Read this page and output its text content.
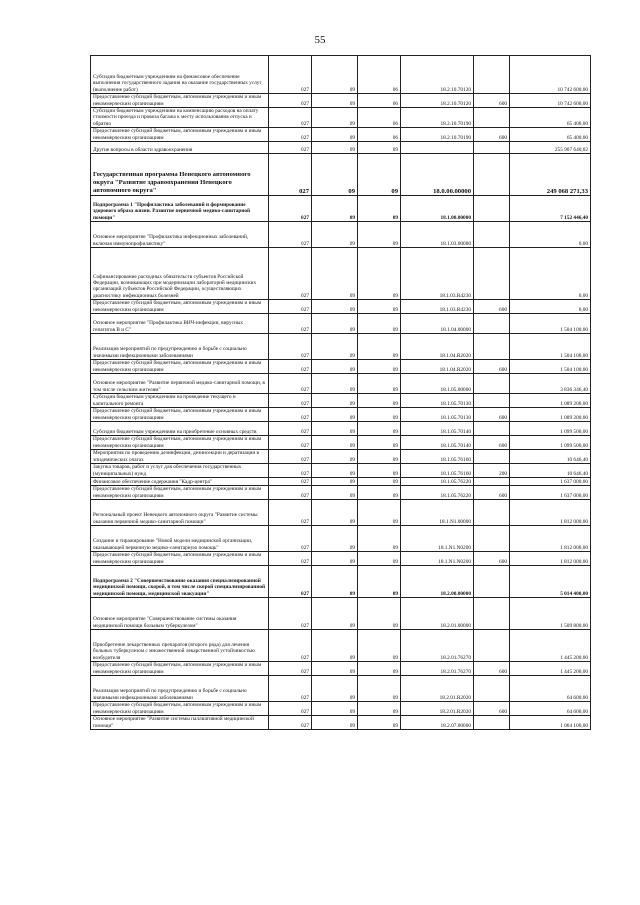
55
Субсидии бюджетным учреждениям на финансовое обеспечение выполнения государственного задания на оказание государственных услуг (выполнение работ)	027	09	06	18.2.10.70120		10 742 600,00
Предоставление субсидий бюджетным, автономным учреждениям и иным некоммерческим организациям	027	09	06	18.2.10.70120	600	10 742 600,00
Субсидии бюджетным учреждениям на компенсацию расходов на оплату стоимости проезда и провоза багажа к месту использования отпуска и обратно	027	09	06	18.2.10.70190		65 400,00
Предоставление субсидий бюджетным, автономным учреждениям и иным некоммерческим организациям	027	09	06	18.2.10.70190	600	65 400,00
Другие вопросы в области здравоохранения	027	09	09			255 907 640,02
Государственная программа Ненецкого автономного округа "Развитие здравоохранения Ненецкого автономного округа"	027	09	09	18.0.00.00000		249 068 271,33
Подпрограмма 1 "Профилактика заболеваний и формирование здорового образа жизни. Развитие первичной медико-санитарной помощи"	027	09	09	18.1.00.00000		7 152 446,40
Основное мероприятие "Профилактика инфекционных заболеваний, включая иммунопрофилактику"	027	09	09	18.1.03.00000		0,00
Софинансирование расходных обязательств субъектов Российской Федерации, возникающих при модернизации лабораторий медицинских организаций субъектов Российской Федерации, осуществляющих диагностику инфекционных болезней	027	09	09	18.1.03.R4230		0,00
Предоставление субсидий бюджетным, автономным учреждениям и иным некоммерческим организациям	027	09	09	18.1.03.R4230	600	0,00
Основное мероприятие "Профилактика ВИЧ-инфекции, вирусных гепатитов В и С"	027	09	09	18.1.04.00000		1 504 100,00
Реализация мероприятий по предупреждению и борьбе с социально значимыми инфекционными заболеваниями	027	09	09	18.1.04.R2020		1 504 100,00
Предоставление субсидий бюджетным, автономным учреждениям и иным некоммерческим организациям	027	09	09	18.1.04.R2020	600	1 504 100,00
Основное мероприятие "Развитие первичной медико-санитарной помощи, в том числе сельским жителям"	027	09	09	18.1.05.00000		3 836 346,40
Субсидии бюджетным учреждениям на проведение текущего и капитального ремонта	027	09	09	18.1.05.70130		1 089 200,00
Предоставление субсидий бюджетным, автономным учреждениям и иным некоммерческим организациям	027	09	09	18.1.05.70130	600	1 089 200,00
Субсидии бюджетным учреждениям на приобретение основных средств	027	09	09	18.1.05.70140		1 099 500,00
Предоставление субсидий бюджетным, автономным учреждениям и иным некоммерческим организациям	027	09	09	18.1.05.70140	600	1 099 500,00
Мероприятия по проведению дезинфекции, дезинсекции и дератизации в эпидемических очагах	027	09	09	18.1.05.76160		10 646,40
Закупка товаров, работ и услуг для обеспечения государственных (муниципальных) нужд	027	09	09	18.1.05.76160	200	10 646,40
Финансовое обеспечение содержания "Кадр-центра"	027	09	09	18.1.05.76220		1 637 000,00
Предоставление субсидий бюджетным, автономным учреждениям и иным некоммерческим организациям	027	09	09	18.1.05.76220	600	1 637 000,00
Региональный проект Ненецкого автономного округа "Развитие системы оказания первичной медико-санитарной помощи"	027	09	09	18.1.N1.00000		1 812 000,00
Создание и тиражирование "Новой модели медицинской организации, оказывающей первичную медико-санитарную помощь"	027	09	09	18.1.N1.N0200		1 812 000,00
Предоставление субсидий бюджетным, автономным учреждениям и иным некоммерческим организациям	027	09	09	18.1.N1.N0200	600	1 812 000,00
Подпрограмма 2 "Совершенствование оказания специализированной медицинской помощи, скорой, в том числе скорой специализированной медицинской помощи, медицинской эвакуации"	027	09	09	18.2.00.00000		5 014 400,00
Основное мероприятие "Совершенствование системы оказания медицинской помощи больным туберкулезом"	027	09	09	18.2.01.00000		1 509 800,00
Приобретение лекарственных препаратов (второго ряда) для лечения больных туберкулезом с множественной лекарственной устойчивостью возбудителя	027	09	09	18.2.01.76270		1 445 200,00
Предоставление субсидий бюджетным, автономным учреждениям и иным некоммерческим организациям	027	09	09	18.2.01.76270	600	1 445 200,00
Реализация мероприятий по предупреждению и борьбе с социально значимыми инфекционными заболеваниями	027	09	09	18.2.01.R2020		64 600,00
Предоставление субсидий бюджетным, автономным учреждениям и иным некоммерческим организациям	027	09	09	18.2.01.R2020	600	64 600,00
Основное мероприятие "Развитие системы паллиативной медицинской помощи"	027	09	09	18.2.07.00000		1 064 100,00
